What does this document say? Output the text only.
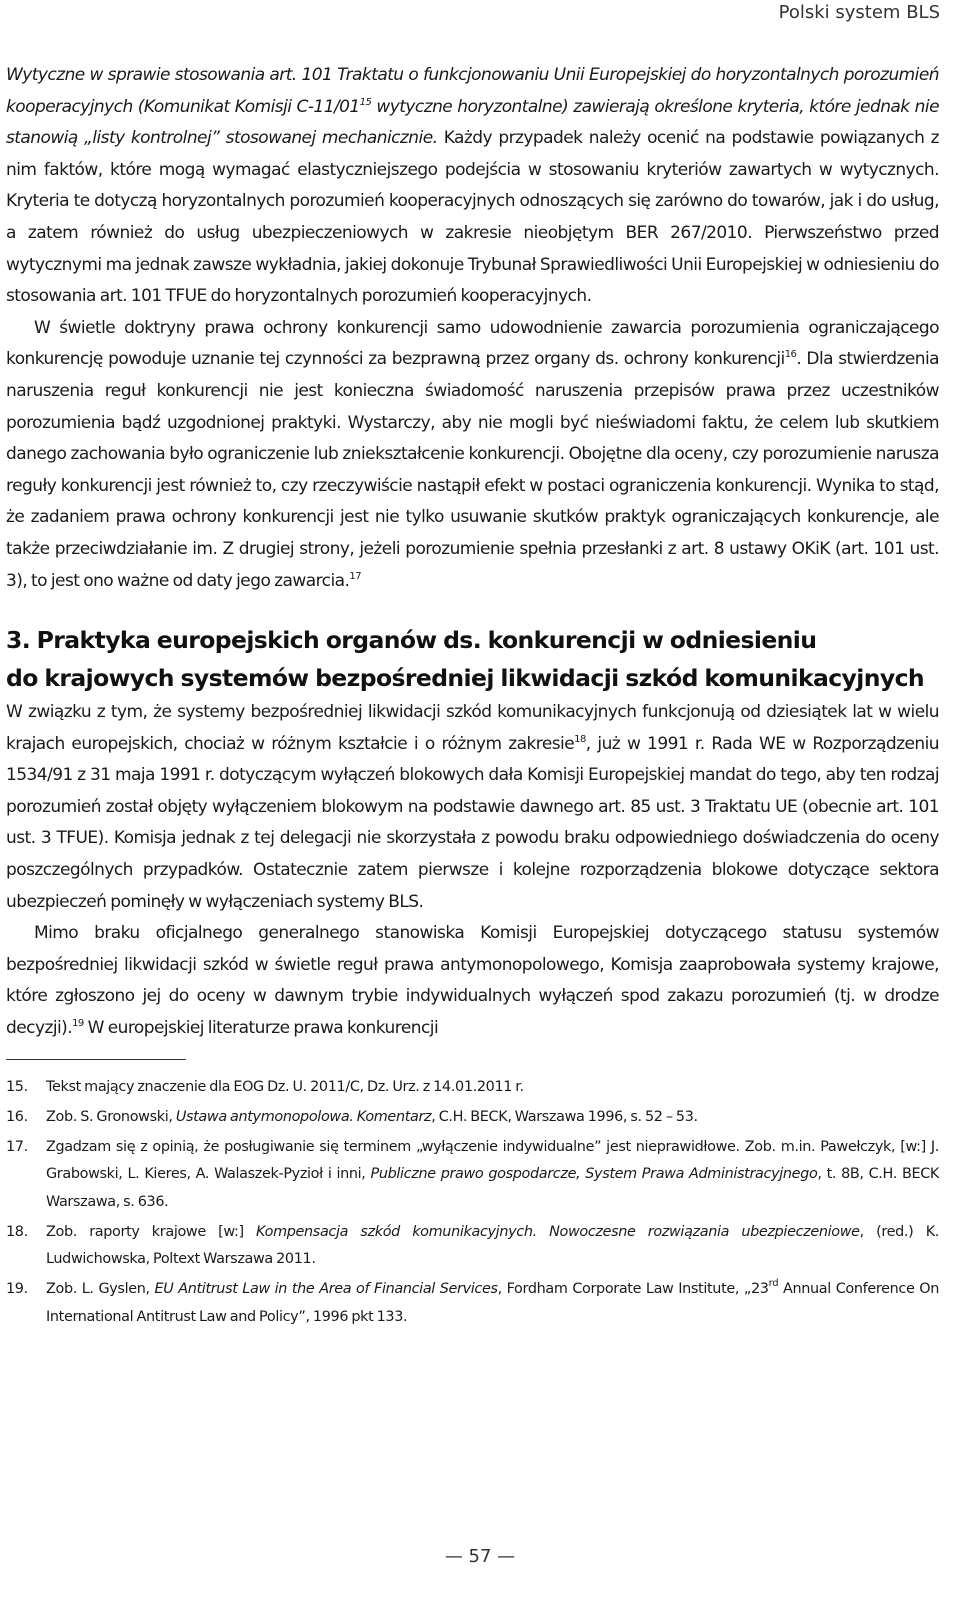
Polski system BLS

Wytyczne w sprawie stosowania art. 101 Traktatu o funkcjonowaniu Unii Europejskiej do horyzontalnych porozumień kooperacyjnych (Komunikat Komisji $C-11/01^{15}$ wytyczne horyzontalne) zawierają określone kryteria, które jednak nie stanowią „listy kontrolnej” stosowanej mechanicznie. Każdy przypadek należy ocenić na podstawie powiązanych z nim faktów, które mogą wymagać elastyczniejszego podejścia w stosowaniu kryteriów zawartych w wytycznych. Kryteria te dotyczą horyzontalnych porozumień kooperacyjnych odnoszących się zarówno do towarów, jak i do usług, a zatem również do usług ubezpieczeniowych w zakresie nieobjętym BER 267/2010. Pierwszeństwo przed wytycznymi ma jednak zawsze wykładnia, jakiej dokonuje Trybunał Sprawiedliwości Unii Europejskiej w odniesieniu do stosowania art. 101 TFUE do horyzontalnych porozumień kooperacyjnych.

W świetle doktryny prawa ochrony konkurencji samo udowodnienie zawarcia porozumienia ograniczającego konkurencję powoduje uznanie tej czynności za bezprawną przez organy ds. ochrony konkurencji$^{16}$. Dla stwierdzenia naruszenia reguł konkurencji nie jest konieczna świadomość naruszenia przepisów prawa przez uczestników porozumienia bądź uzgodnionej praktyki. Wystarczy, aby nie mogli być nieświadomi faktu, że celem lub skutkiem danego zachowania było ograniczenie lub zniekształcenie konkurencji. Obojętne dla oceny, czy porozumienie narusza reguły konkurencji jest również to, czy rzeczywiście nastąpił efekt w postaci ograniczenia konkurencji. Wynika to stąd, że zadaniem prawa ochrony konkurencji jest nie tylko usuwanie skutków praktyk ograniczających konkurencje, ale także przeciwdziałanie im. Z drugiej strony, jeżeli porozumienie spełnia przesłanki z art. 8 ustawy OKiK (art. 101 ust. 3), to jest ono ważne od daty jego zawarcia.$^{17}$

3. Praktyka europejskich organów ds. konkurencji w odniesieniu
do krajowych systemów bezpośredniej likwidacji szkód komunikacyjnych

W związku z tym, że systemy bezpośredniej likwidacji szkód komunikacyjnych funkcjonują od dziesiątek lat w wielu krajach europejskich, chociaż w różnym kształcie i o różnym zakresie$^{18}$, już w 1991 r. Rada WE w Rozporządzeniu 1534/91 z 31 maja 1991 r. dotyczącym wyłączeń blokowych dała Komisji Europejskiej mandat do tego, aby ten rodzaj porozumień został objęty wyłączeniem blokowym na podstawie dawnego art. 85 ust. 3 Traktatu UE (obecnie art. 101 ust. 3 TFUE). Komisja jednak z tej delegacji nie skorzystała z powodu braku odpowiedniego doświadczenia do oceny poszczególnych przypadków. Ostatecznie zatem pierwsze i kolejne rozporządzenia blokowe dotyczące sektora ubezpieczeń pominęły w wyłączeniach systemy BLS.

Mimo braku oficjalnego generalnego stanowiska Komisji Europejskiej dotyczącego statusu systemów bezpośredniej likwidacji szkód w świetle reguł prawa antymonopolowego, Komisja zaaprobowała systemy krajowe, które zgłoszono jej do oceny w dawnym trybie indywidualnych wyłączeń spod zakazu porozumień (tj. w drodze decyzji).$^{19}$ W europejskiej literaturze prawa konkurencji

15.	Tekst mający znaczenie dla EOG Dz. U. 2011/C, Dz. Urz. z 14.01.2011 r.
16.	Zob. S. Gronowski, Ustawa antymonopolowa. Komentarz, C.H. BECK, Warszawa 1996, s. 52 – 53.
17.	Zgadzam się z opinią, że posługiwanie się terminem „wyłączenie indywidualne” jest nieprawidłowe. Zob. m.in. Pawełczyk, [w:] J. Grabowski, L. Kieres, A. Walaszek-Pyzioł i inni, Publiczne prawo gospodarcze, System Prawa Administracyjnego, t. 8B, C.H. BECK Warszawa, s. 636.
18.	Zob. raporty krajowe [w:] Kompensacja szkód komunikacyjnych. Nowoczesne rozwiązania ubezpieczeniowe, (red.) K. Ludwichowska, Poltext Warszawa 2011.
19.	Zob. L. Gyslen, EU Antitrust Law in the Area of Financial Services, Fordham Corporate Law Institute, „23rd Annual Conference On International Antitrust Law and Policy”, 1996 pkt 133.
— 57 —
